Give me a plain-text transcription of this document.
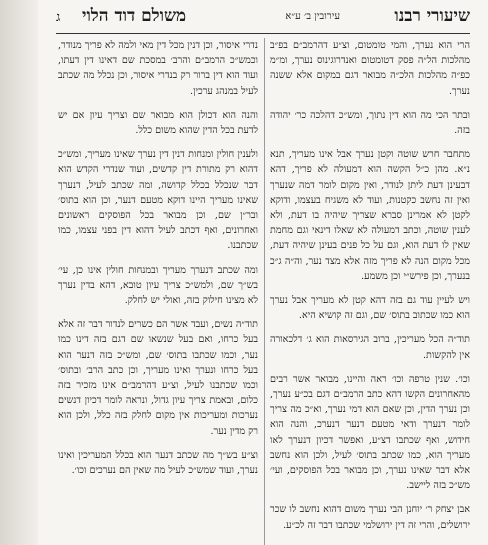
שיעורי רבנו
עירובין ב׳ ע״א
משולם דוד הלוי
ג

הרי הוא נערך, והמי טומטום, וצ״ע דהרמב״ם בפ״ב מהלכות הל״ה פסק דטומטום ואנדרוגינוס נערך, ומ״מ כפ״ה מהלכות הלכ״ה מבואר דגם במקום אלא ששנה נערך.

ובתר הכי מה הוא דין נתוך, ומש״כ דהלכה כר׳ יהודה בזה.

מתחבר חרש שוטה וקטן נערך אבל אינו מעריך, תנא נ״א. מהן כ״ל הקשה הוא דמעולה לא פריך, דהא דבעינן דעת ליתן לנודר, ואין מקום לומר דמה שנערך ואין זה נחשב כקטנות, ועוד לא משגיח בעצמו, ודוקא לקטן לא אמרינן סברא שצריך שיהיה בו דעת, ולא לענין שוטה, וכתב דמעולה לא שאלו דינאי וגם מחמת שאין לו דעת הוא, וגם על כל פנים בעינן שיהיה דעת, מכל מקום הנה לא פריך מזה אלא מצד נער, וה״ה ג״כ בנערך, וכן פירש״י וכן משמע.

ויש לעיין עוד גם בזה דהא קטן לא מעריך אבל נערך הוא כמו שכתוב בתוס׳ שם, וגם זה קושיא היא.

תוד״ה הכל מעריכין, ברוב הגירסאות הוא ג׳ דלכאורה אין להקשות.

וכו׳. שנין טרפה וכו׳ ראה והיינו, מבואר אשר רבים מהאחרונים הקשו דהא כתב הרמב״ם דגם בכ״ע נערך, וכן נערך הדין, וכן שאם הוא דמי נערך, וא״כ מה צריך לומר דנערך ודאי מטעם דנער דנערכ, והנה הוא חידוש, ואף שכתבו דצ״ע, ואפשר דכיון דנערך לאו מעריך הוא, כמו שכתב בתוס׳ לעיל, ולכן הוא נחשב אלא דבר שאינו נערך, וכן מבואר בכל הפוסקים, ועי׳ מש״כ בזה ליישב.

אבן יצחק ר׳ יוחנן הבי נערך משום דהוא נחשב לו שכר ירושלים, והרי זה דין ירושלמי שכתבו דבר זה לכ״ע.

נדרי איסור, וכן דנין מכל דין מאי ולמה לא פריך מנודר, וכמש״כ הרמב״ם והרב׳ במסכת שם דאינו דין דעתו, ועוד הוא דין ברור רק בנדרי איסור, וכן נכלל מה שכתב לעיל במנהג ערכין.

והנה הוא דכולן הוא מבואר שם וצריך עיון אם יש לדעת בכל הדין שהוא משום כלל.

ולענין חולין ומנחות דנין דין נערך שאינו מעריך, ומש״כ דהוא רק מתורת דין קדשים, ועוד שנדרי הקדש הוא דבר שנכלל בכלל קדושה, ומה שכתב לעיל, דנערך שאינו מעריך היינו דוקא מטעם דנער, וכן הוא בתוס׳ ובר״ן שם, וכן מבואר בכל הפוסקים ראשונים ואחרונים, ואף דכתב לעיל דהוא דין בפני עצמו, כמו שכתבנו.

ומה שכתב דנערך מעריך ובמנחות חולין אינו כן, עי׳ בש״ך שם, ולמש״כ צריך עיון טובא, דהא בדין נערך לא מצינו חילוק בזה, ואולי יש לחלק.

תוד״ה נשים, ועבד אשר הם כשרים לנדור דבר זה אלא בעל כרחו, ואם בעל שנשאו שם דגם בזה דינו כמו נער, וכמו שכתבו בתוס׳ שם, ומש״כ בזה דנער הוא בעל כרחו ונערך ואינו מעריך, וכן כתב הרב׳ ובתוס׳ וכמו שכתבנו לעיל, וצ״ע דהרמב״ם אינו מזכיר בזה כלום, ובאמת צריך עיון גדול, ונראה לומר דכיון דנשים נערכות ומעריכות אין מקום לחלק בזה כלל, ולכן הוא רק מדין נער.

וצ״ע בש״ך מה שכתב דנער הוא בכלל המעריכין ואינו נערך, ועוד שמש״כ לעיל מה שאין הם נערכים וכו׳.
